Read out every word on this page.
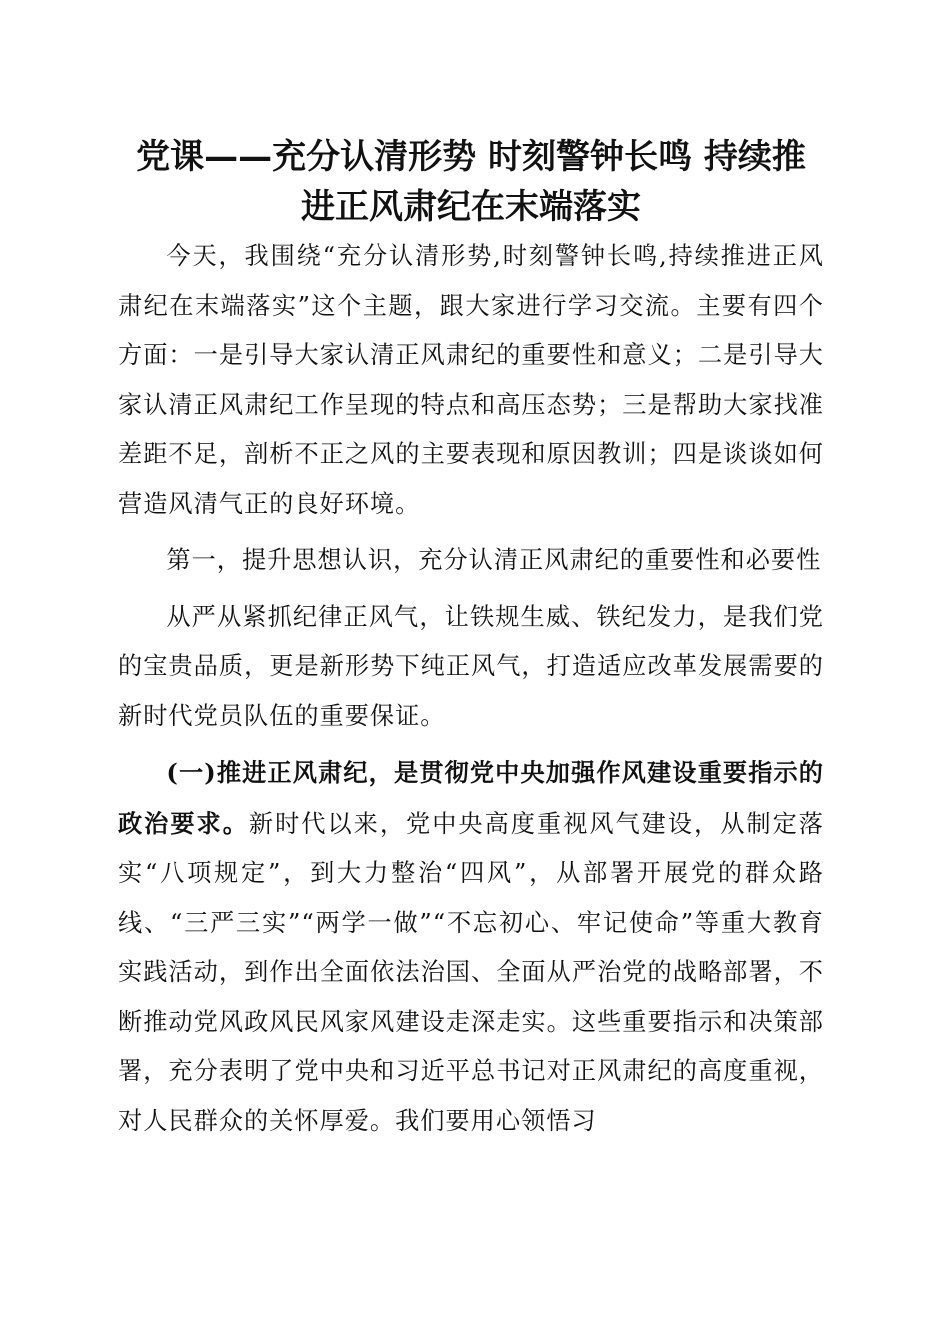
党课——充分认清形势 时刻警钟长鸣 持续推
进正风肃纪在末端落实

今天，我围绕“充分认清形势,时刻警钟长鸣,持续推进正风肃纪在末端落实”这个主题，跟大家进行学习交流。主要有四个方面：一是引导大家认清正风肃纪的重要性和意义；二是引导大家认清正风肃纪工作呈现的特点和高压态势；三是帮助大家找准差距不足，剖析不正之风的主要表现和原因教训；四是谈谈如何营造风清气正的良好环境。

第一，提升思想认识，充分认清正风肃纪的重要性和必要性

从严从紧抓纪律正风气，让铁规生威、铁纪发力，是我们党的宝贵品质，更是新形势下纯正风气，打造适应改革发展需要的新时代党员队伍的重要保证。

(一)推进正风肃纪，是贯彻党中央加强作风建设重要指示的政治要求。新时代以来，党中央高度重视风气建设，从制定落实“八项规定”，到大力整治“四风”，从部署开展党的群众路线、“三严三实”“两学一做”“不忘初心、牢记使命”等重大教育实践活动，到作出全面依法治国、全面从严治党的战略部署，不断推动党风政风民风家风建设走深走实。这些重要指示和决策部署，充分表明了党中央和习近平总书记对正风肃纪的高度重视，对人民群众的关怀厚爱。我们要用心领悟习
